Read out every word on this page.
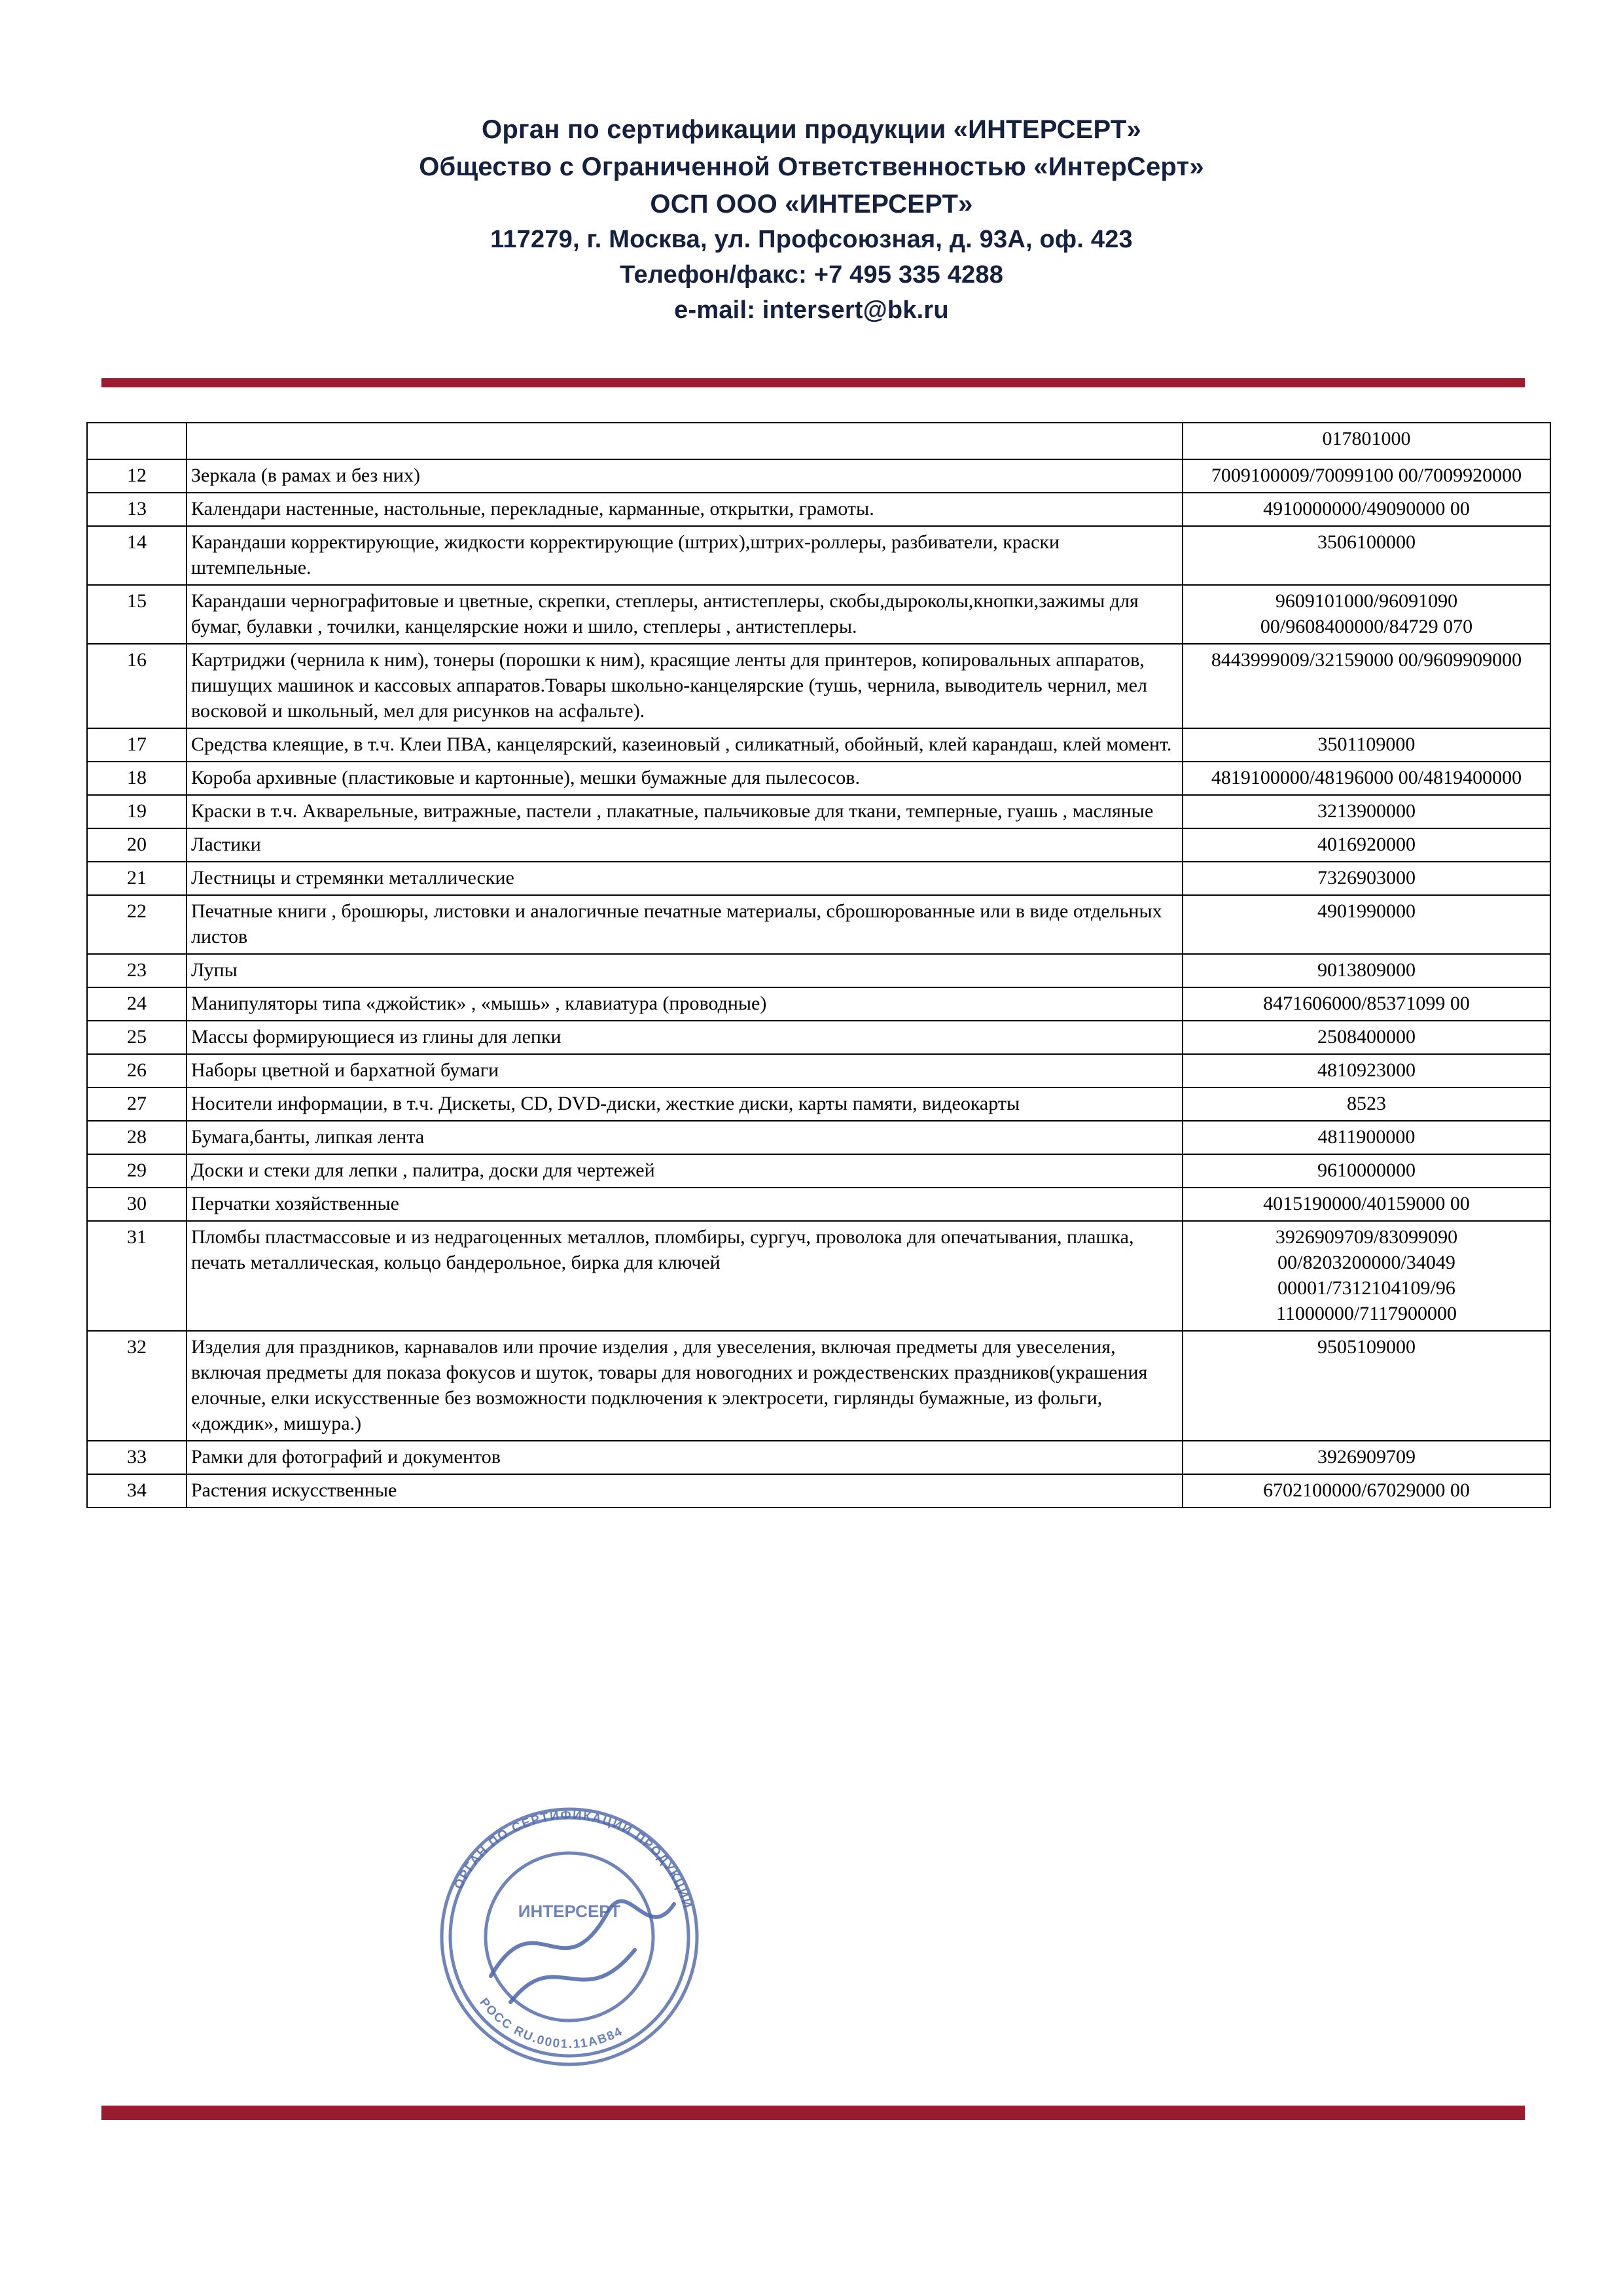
Орган по сертификации продукции «ИНТЕРСЕРТ»
Общество с Ограниченной Ответственностью «ИнтерСерт»
ОСП ООО «ИНТЕРСЕРТ»
117279, г. Москва, ул. Профсоюзная, д. 93А, оф. 423
Телефон/факс: +7 495 335 4288
e-mail: intersert@bk.ru
		017801000
12	Зеркала (в рамах и без них)	7009100009/70099100 00/7009920000
13	Календари настенные, настольные, перекладные, карманные, открытки, грамоты.	4910000000/49090000 00
14	Карандаши корректирующие, жидкости корректирующие (штрих),штрих-роллеры, разбиватели, краски штемпельные.	3506100000
15	Карандаши чернографитовые и цветные, скрепки, степлеры, антистеплеры, скобы,дыроколы,кнопки,зажимы для бумаг, булавки , точилки, канцелярские ножи и шило, степлеры , антистеплеры.	9609101000/96091090 00/9608400000/84729 070
16	Картриджи (чернила к ним), тонеры (порошки к ним), красящие ленты для принтеров, копировальных аппаратов, пишущих машинок и кассовых аппаратов.Товары школьно-канцелярские (тушь, чернила, выводитель чернил, мел восковой и школьный, мел для рисунков на асфальте).	8443999009/32159000 00/9609909000
17	Средства клеящие, в т.ч. Клеи ПВА, канцелярский, казеиновый , силикатный, обойный, клей карандаш, клей момент.	3501109000
18	Короба архивные (пластиковые и картонные), мешки бумажные для пылесосов.	4819100000/48196000 00/4819400000
19	Краски в т.ч. Акварельные, витражные, пастели , плакатные, пальчиковые для ткани, темперные, гуашь , масляные	3213900000
20	Ластики	4016920000
21	Лестницы и стремянки металлические	7326903000
22	Печатные книги , брошюры, листовки и аналогичные печатные материалы, сброшюрованные или в виде отдельных листов	4901990000
23	Лупы	9013809000
24	Манипуляторы типа «джойстик» , «мышь» , клавиатура (проводные)	8471606000/85371099 00
25	Массы формирующиеся из глины для лепки	2508400000
26	Наборы цветной и бархатной бумаги	4810923000
27	Носители информации, в т.ч. Дискеты, CD, DVD-диски, жесткие диски, карты памяти, видеокарты	8523
28	Бумага,банты, липкая лента	4811900000
29	Доски и стеки для лепки , палитра, доски для чертежей	9610000000
30	Перчатки хозяйственные	4015190000/40159000 00
31	Пломбы пластмассовые и из недрагоценных металлов, пломбиры, сургуч, проволока для опечатывания, плашка, печать металлическая, кольцо бандерольное, бирка для ключей	3926909709/83099090 00/8203200000/34049 00001/7312104109/96 11000000/7117900000
32	Изделия для праздников, карнавалов или прочие изделия , для увеселения, включая предметы для увеселения, включая предметы для показа фокусов и шуток, товары для новогодних и рождественских праздников(украшения елочные, елки искусственные без возможности подключения к электросети, гирлянды бумажные, из фольги, «дождик», мишура.)	9505109000
33	Рамки для фотографий и документов	3926909709
34	Растения искусственные	6702100000/67029000 00
ОРГАН ПО СЕРТИФИКАЦИИ ПРОДУКЦИИ
РОСС RU.0001.11АВ84
ИНТЕРСЕРТ
